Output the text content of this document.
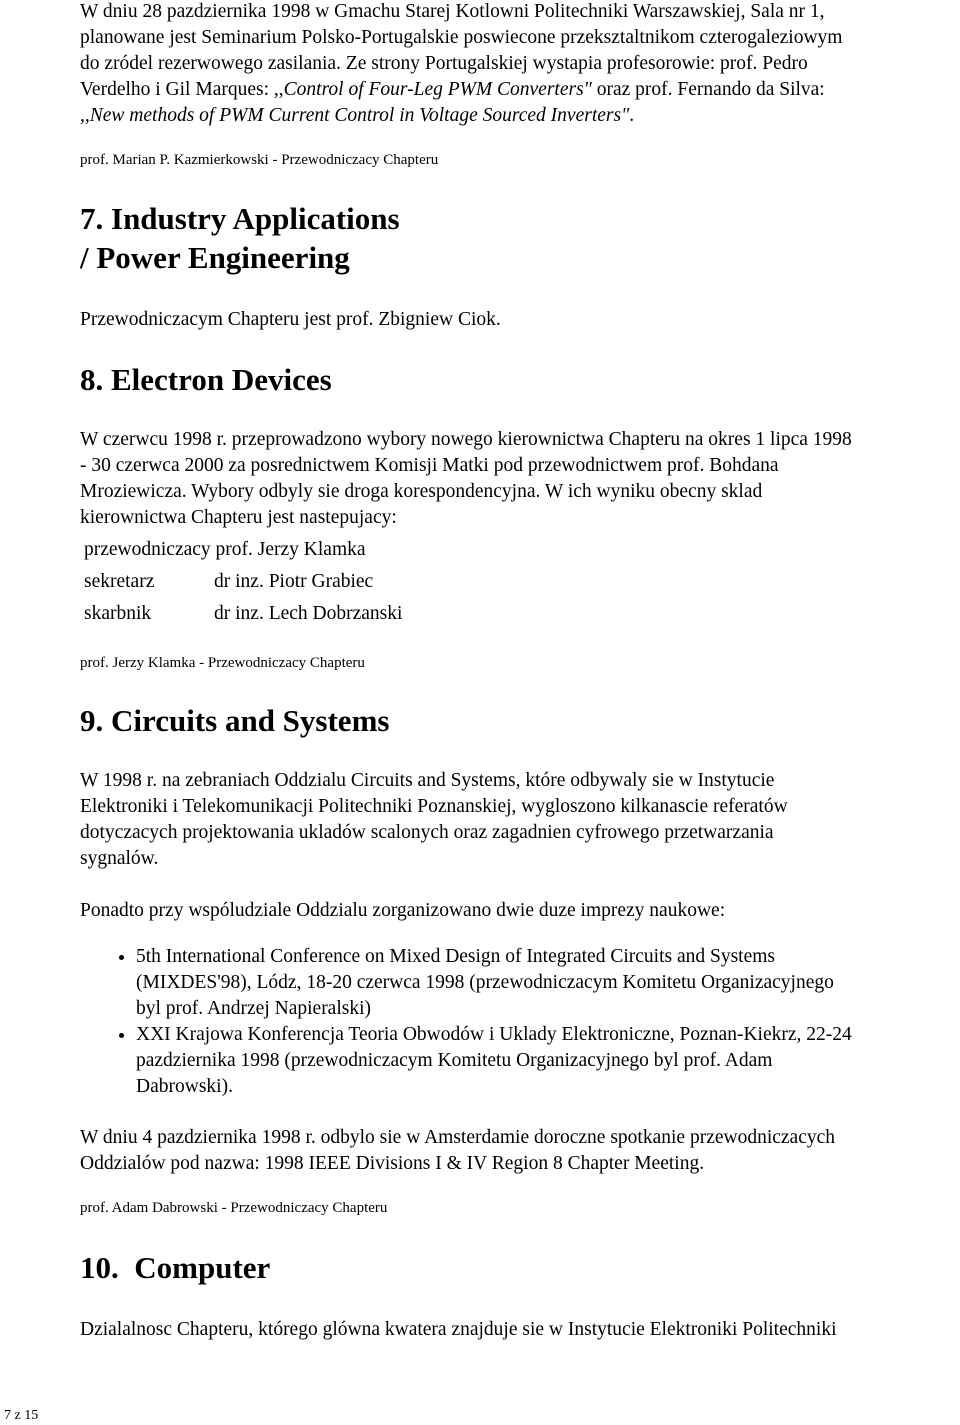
W dniu 28 pazdziernika 1998 w Gmachu Starej Kotlowni Politechniki Warszawskiej, Sala nr 1,

planowane jest Seminarium Polsko-Portugalskie poswiecone przeksztaltnikom czterogaleziowym

do zródel rezerwowego zasilania. Ze strony Portugalskiej wystapia profesorowie: prof. Pedro

Verdelho i Gil Marques: ,,Control of Four-Leg PWM Converters" oraz prof. Fernando da Silva:

,,New methods of PWM Current Control in Voltage Sourced Inverters".

prof. Marian P. Kazmierkowski - Przewodniczacy Chapteru

7. Industry Applications

/ Power Engineering

Przewodniczacym Chapteru jest prof. Zbigniew Ciok.

8. Electron Devices

W czerwcu 1998 r. przeprowadzono wybory nowego kierownictwa Chapteru na okres 1 lipca 1998

- 30 czerwca 2000 za posrednictwem Komisji Matki pod przewodnictwem prof. Bohdana

Mroziewicza. Wybory odbyly sie droga korespondencyjna. W ich wyniku obecny sklad

kierownictwa Chapteru jest nastepujacy:

przewodniczacy prof. Jerzy Klamka

sekretarz	dr inz. Piotr Grabiec

skarbnik	dr inz. Lech Dobrzanski

prof. Jerzy Klamka - Przewodniczacy Chapteru

9. Circuits and Systems

W 1998 r. na zebraniach Oddzialu Circuits and Systems, które odbywaly sie w Instytucie

Elektroniki i Telekomunikacji Politechniki Poznanskiej, wygloszono kilkanascie referatów

dotyczacych projektowania ukladów scalonych oraz zagadnien cyfrowego przetwarzania

sygnalów.

Ponadto przy wspóludziale Oddzialu zorganizowano dwie duze imprezy naukowe:

• 5th International Conference on Mixed Design of Integrated Circuits and Systems
(MIXDES'98), Lódz, 18-20 czerwca 1998 (przewodniczacym Komitetu Organizacyjnego
byl prof. Andrzej Napieralski)
• XXI Krajowa Konferencja Teoria Obwodów i Uklady Elektroniczne, Poznan-Kiekrz, 22-24
pazdziernika 1998 (przewodniczacym Komitetu Organizacyjnego byl prof. Adam
Dabrowski).

W dniu 4 pazdziernika 1998 r. odbylo sie w Amsterdamie doroczne spotkanie przewodniczacych

Oddzialów pod nazwa: 1998 IEEE Divisions I & IV Region 8 Chapter Meeting.

prof. Adam Dabrowski - Przewodniczacy Chapteru

10.  Computer

Dzialalnosc Chapteru, którego glówna kwatera znajduje sie w Instytucie Elektroniki Politechniki

7 z 15
